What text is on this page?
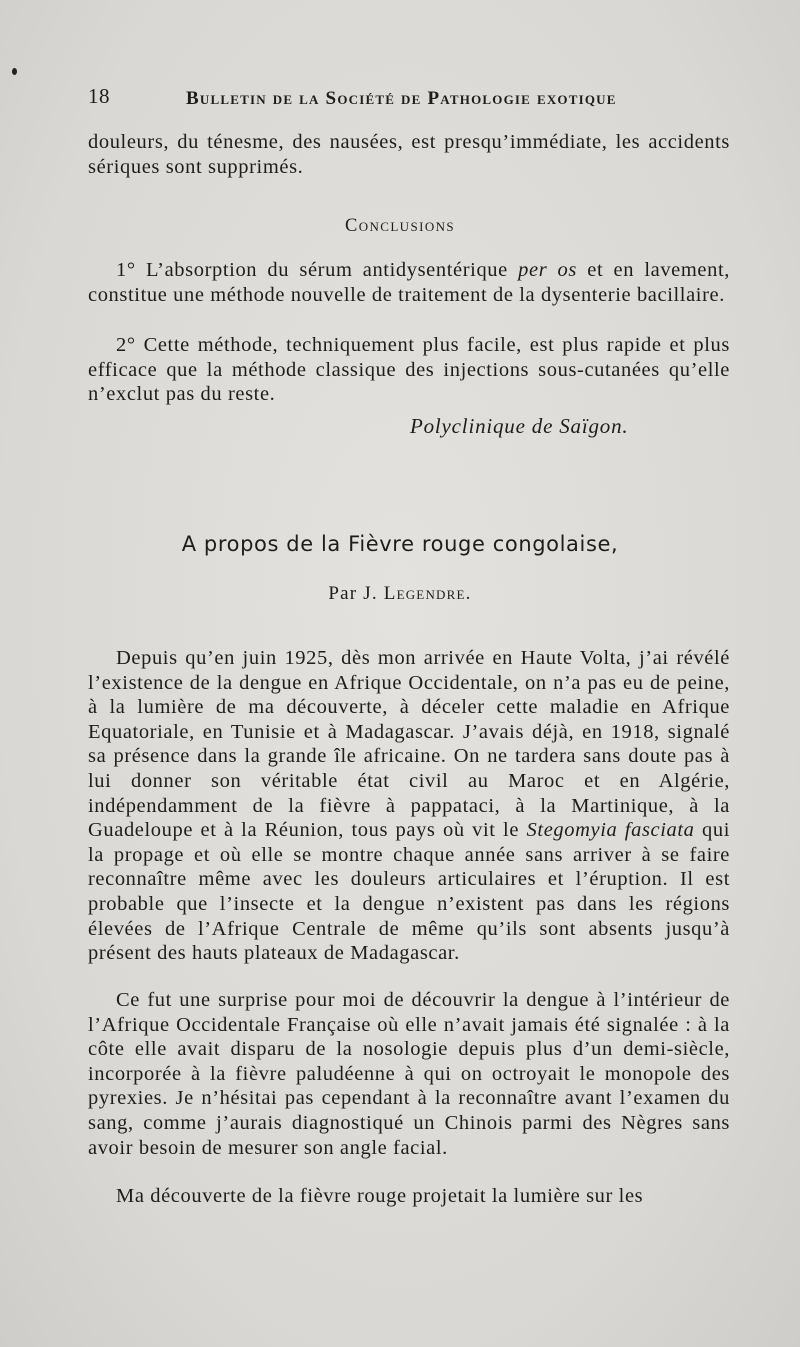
18	Bulletin de la Société de Pathologie exotique

douleurs, du ténesme, des nausées, est presqu’immédiate, les accidents sériques sont supprimés.

Conclusions

1° L’absorption du sérum antidysentérique per os et en lavement, constitue une méthode nouvelle de traitement de la dysenterie bacillaire.

2° Cette méthode, techniquement plus facile, est plus rapide et plus efficace que la méthode classique des injections sous-cutanées qu’elle n’exclut pas du reste.

Polyclinique de Saïgon.
A propos de la Fièvre rouge congolaise,
Par J. Legendre.

Depuis qu’en juin 1925, dès mon arrivée en Haute Volta, j’ai révélé l’existence de la dengue en Afrique Occidentale, on n’a pas eu de peine, à la lumière de ma découverte, à déceler cette maladie en Afrique Equatoriale, en Tunisie et à Madagascar. J’avais déjà, en 1918, signalé sa présence dans la grande île africaine. On ne tardera sans doute pas à lui donner son véritable état civil au Maroc et en Algérie, indépendamment de la fièvre à pappataci, à la Martinique, à la Guadeloupe et à la Réunion, tous pays où vit le Stegomyia fasciata qui la propage et où elle se montre chaque année sans arriver à se faire reconnaître même avec les douleurs articulaires et l’éruption. Il est probable que l’insecte et la dengue n’existent pas dans les régions élevées de l’Afrique Centrale de même qu’ils sont absents jusqu’à présent des hauts plateaux de Madagascar.

Ce fut une surprise pour moi de découvrir la dengue à l’intérieur de l’Afrique Occidentale Française où elle n’avait jamais été signalée : à la côte elle avait disparu de la nosologie depuis plus d’un demi-siècle, incorporée à la fièvre paludéenne à qui on octroyait le monopole des pyrexies. Je n’hésitai pas cependant à la reconnaître avant l’examen du sang, comme j’aurais diagnostiqué un Chinois parmi des Nègres sans avoir besoin de mesurer son angle facial.

Ma découverte de la fièvre rouge projetait la lumière sur les
